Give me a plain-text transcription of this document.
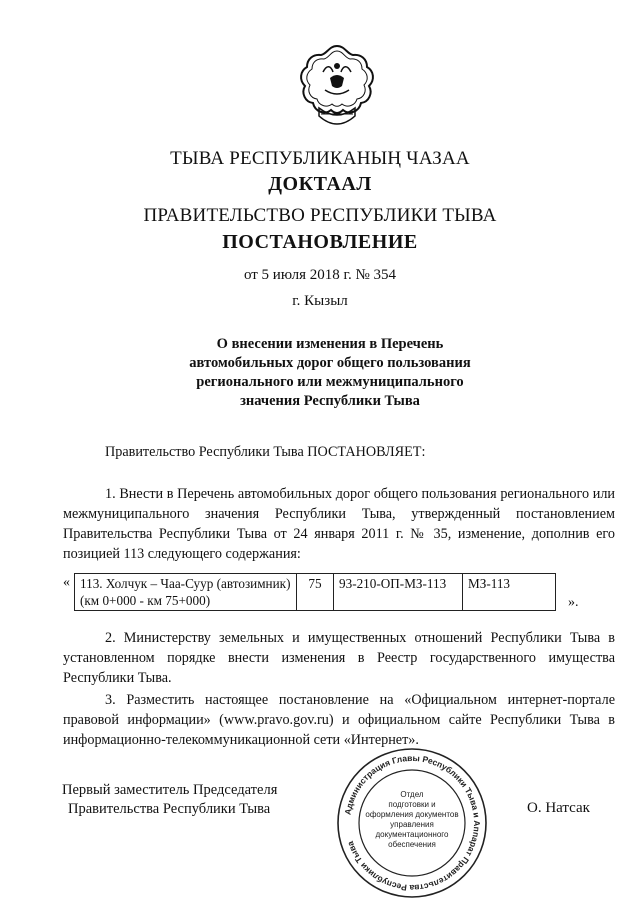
ТЫВА РЕСПУБЛИКАНЫҢ ЧАЗАА
ДОКТААЛ
ПРАВИТЕЛЬСТВО РЕСПУБЛИКИ ТЫВА
ПОСТАНОВЛЕНИЕ
от 5 июля 2018 г. № 354
г. Кызыл
О внесении изменения в Перечень
автомобильных дорог общего пользования
регионального или межмуниципального
значения Республики Тыва
Правительство Республики Тыва ПОСТАНОВЛЯЕТ:
1. Внести в Перечень автомобильных дорог общего пользования регионального или межмуниципального значения Республики Тыва, утвержденный постановлением Правительства Республики Тыва от 24 января 2011 г. № 35, изменение, дополнив его позицией 113 следующего содержания:
« 113. Холчук – Чаа-Суур (автозимник) (км 0+000 - км 75+000)	75	93-210-ОП-МЗ-113	МЗ-113
».
2. Министерству земельных и имущественных отношений Республики Тыва в установленном порядке внести изменения в Реестр государственного имущества Республики Тыва.
3. Разместить настоящее постановление на «Официальном интернет-портале правовой информации» (www.pravo.gov.ru) и официальном сайте Республики Тыва в информационно-телекоммуникационной сети «Интернет».
Первый заместитель Председателя
Правительства Республики Тыва	О. Натсак
Администрация Главы Республики Тыва и Аппарат Правительства Республики Тыва
Отдел
подготовки и
оформления документов
управления
документационного
обеспечения
